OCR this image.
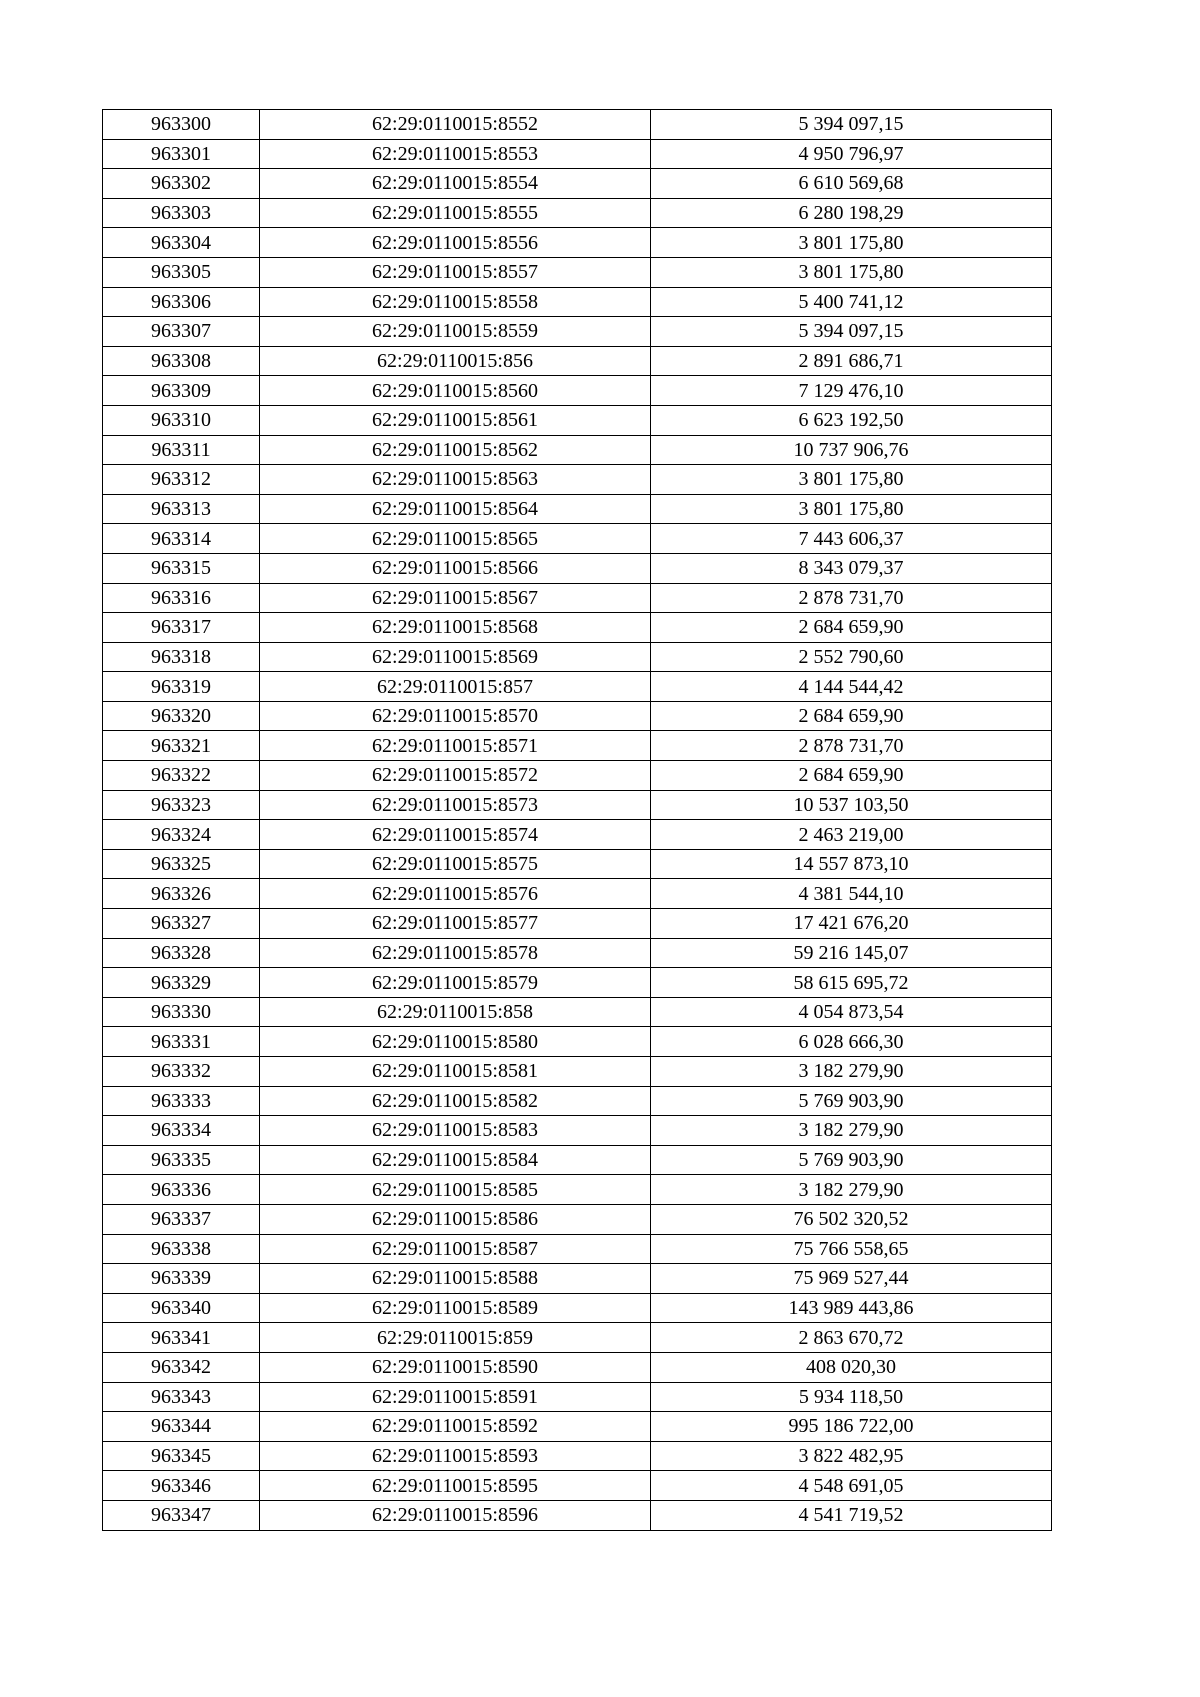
963300	62:29:0110015:8552	5 394 097,15
963301	62:29:0110015:8553	4 950 796,97
963302	62:29:0110015:8554	6 610 569,68
963303	62:29:0110015:8555	6 280 198,29
963304	62:29:0110015:8556	3 801 175,80
963305	62:29:0110015:8557	3 801 175,80
963306	62:29:0110015:8558	5 400 741,12
963307	62:29:0110015:8559	5 394 097,15
963308	62:29:0110015:856	2 891 686,71
963309	62:29:0110015:8560	7 129 476,10
963310	62:29:0110015:8561	6 623 192,50
963311	62:29:0110015:8562	10 737 906,76
963312	62:29:0110015:8563	3 801 175,80
963313	62:29:0110015:8564	3 801 175,80
963314	62:29:0110015:8565	7 443 606,37
963315	62:29:0110015:8566	8 343 079,37
963316	62:29:0110015:8567	2 878 731,70
963317	62:29:0110015:8568	2 684 659,90
963318	62:29:0110015:8569	2 552 790,60
963319	62:29:0110015:857	4 144 544,42
963320	62:29:0110015:8570	2 684 659,90
963321	62:29:0110015:8571	2 878 731,70
963322	62:29:0110015:8572	2 684 659,90
963323	62:29:0110015:8573	10 537 103,50
963324	62:29:0110015:8574	2 463 219,00
963325	62:29:0110015:8575	14 557 873,10
963326	62:29:0110015:8576	4 381 544,10
963327	62:29:0110015:8577	17 421 676,20
963328	62:29:0110015:8578	59 216 145,07
963329	62:29:0110015:8579	58 615 695,72
963330	62:29:0110015:858	4 054 873,54
963331	62:29:0110015:8580	6 028 666,30
963332	62:29:0110015:8581	3 182 279,90
963333	62:29:0110015:8582	5 769 903,90
963334	62:29:0110015:8583	3 182 279,90
963335	62:29:0110015:8584	5 769 903,90
963336	62:29:0110015:8585	3 182 279,90
963337	62:29:0110015:8586	76 502 320,52
963338	62:29:0110015:8587	75 766 558,65
963339	62:29:0110015:8588	75 969 527,44
963340	62:29:0110015:8589	143 989 443,86
963341	62:29:0110015:859	2 863 670,72
963342	62:29:0110015:8590	408 020,30
963343	62:29:0110015:8591	5 934 118,50
963344	62:29:0110015:8592	995 186 722,00
963345	62:29:0110015:8593	3 822 482,95
963346	62:29:0110015:8595	4 548 691,05
963347	62:29:0110015:8596	4 541 719,52
